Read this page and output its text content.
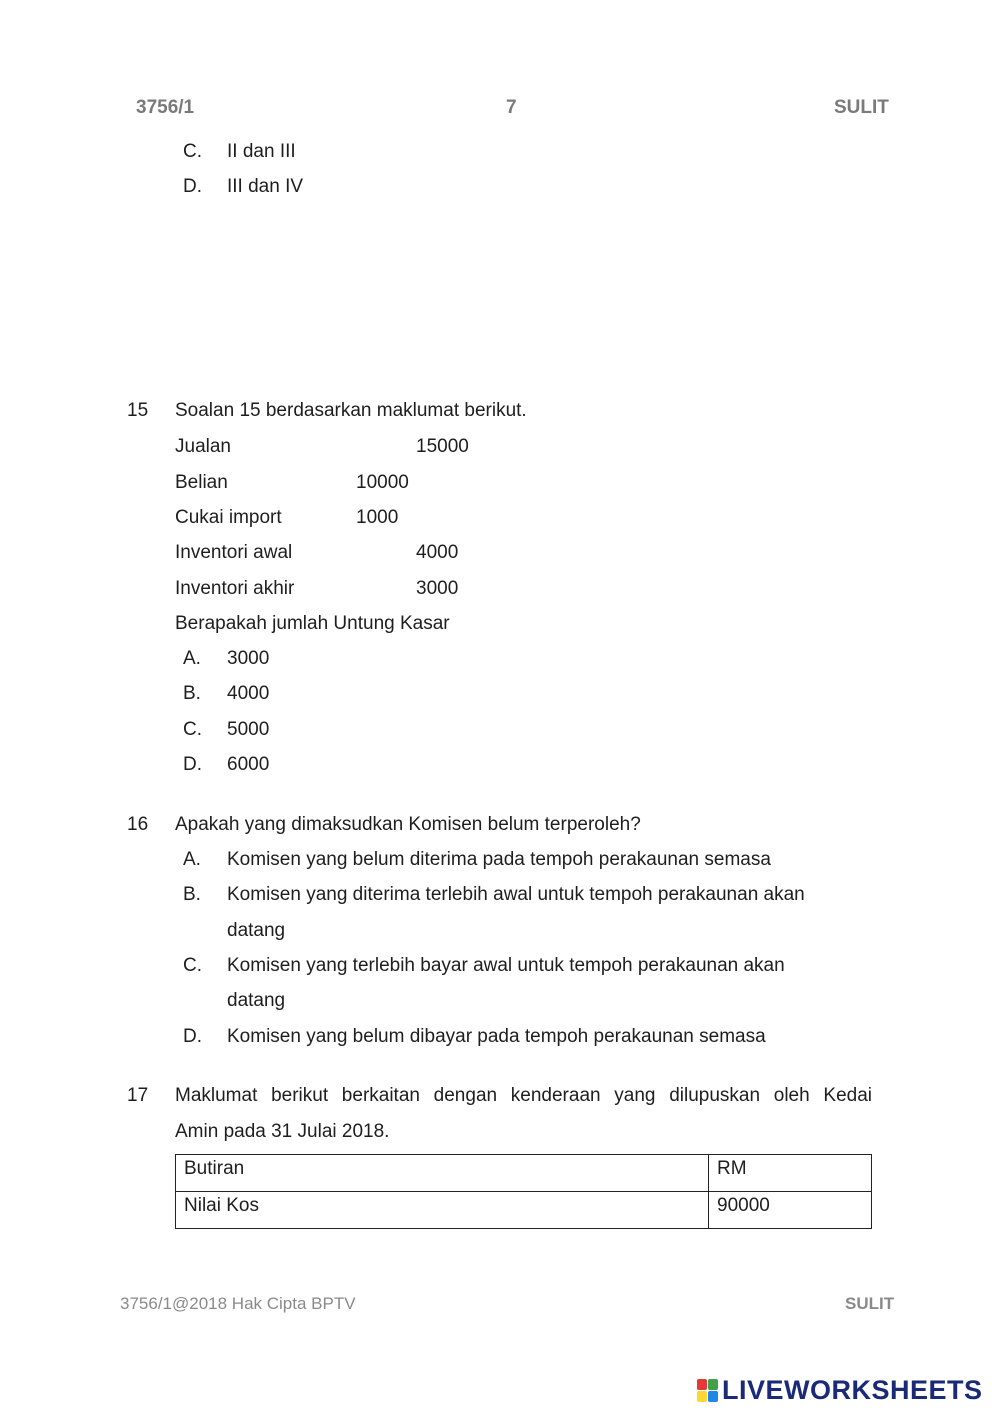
3756/1	7	SULIT
C. II dan III
D. III dan IV
15 Soalan 15 berdasarkan maklumat berikut.
Jualan	15000
Belian	10000
Cukai import	1000
Inventori awal	4000
Inventori akhir	3000
Berapakah jumlah Untung Kasar
A. 3000
B. 4000
C. 5000
D. 6000
16 Apakah yang dimaksudkan Komisen belum terperoleh?
A. Komisen yang belum diterima pada tempoh perakaunan semasa
B. Komisen yang diterima terlebih awal untuk tempoh perakaunan akan
datang
C. Komisen yang terlebih bayar awal untuk tempoh perakaunan akan
datang
D. Komisen yang belum dibayar pada tempoh perakaunan semasa
17 Maklumat berikut berkaitan dengan kenderaan yang dilupuskan oleh Kedai
Amin pada 31 Julai 2018.
Butiran	RM
Nilai Kos	90000
3756/1@2018 Hak Cipta BPTV	SULIT
LIVEWORKSHEETS
